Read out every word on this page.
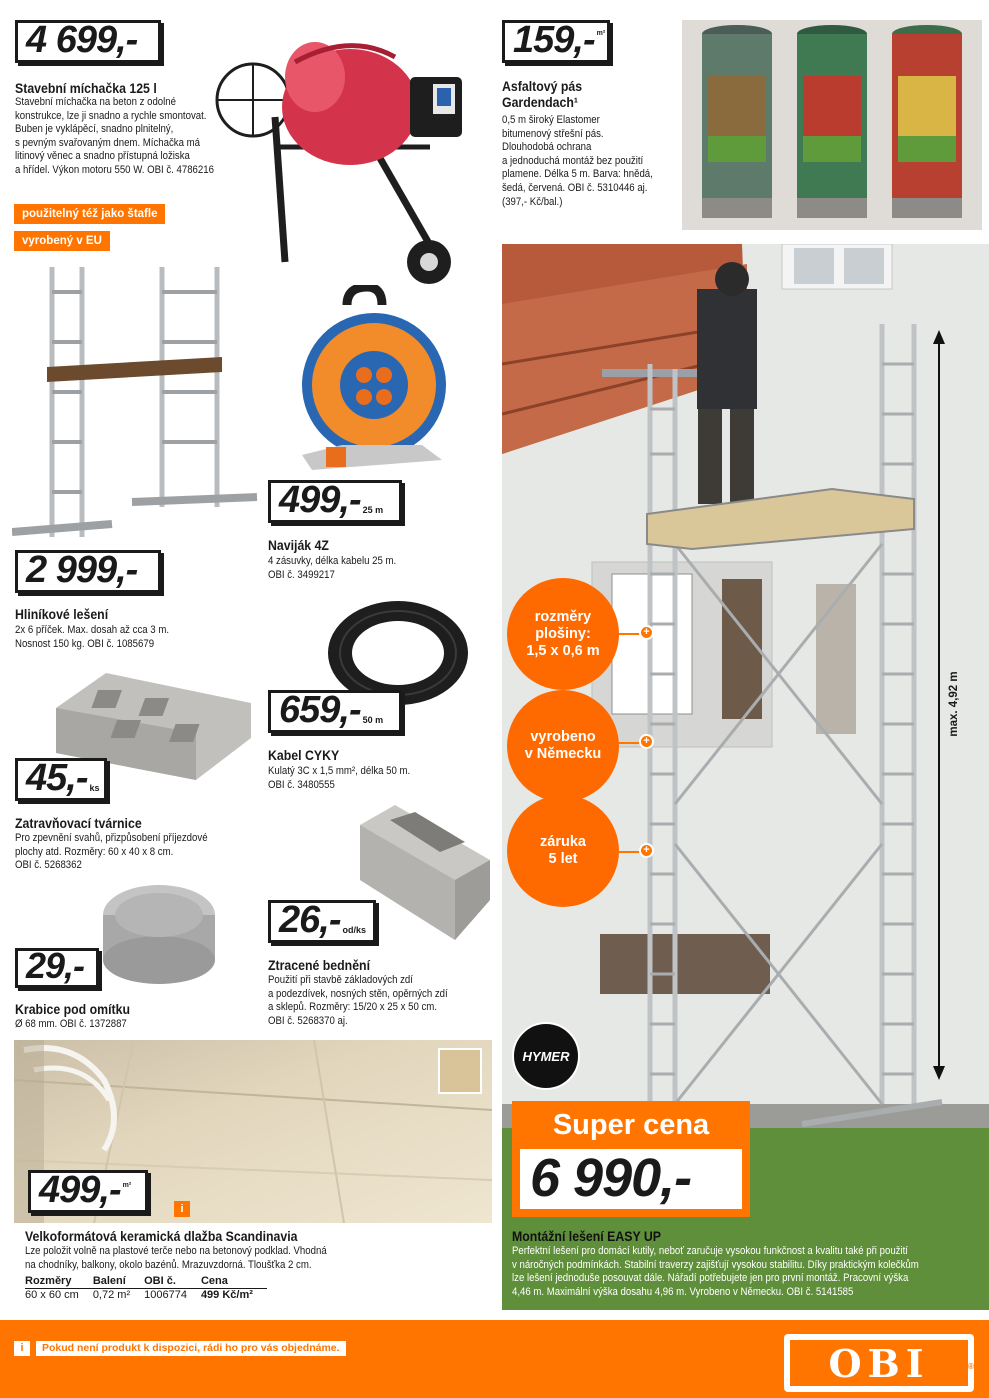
4 699,-
Stavební míchačka 125 l
Stavební míchačka na beton z odolné
konstrukce, lze ji snadno a rychle smontovat.
Buben je vyklápěcí, snadno plnitelný,
s pevným svařovaným dnem. Míchačka má
litinový věnec a snadno přístupná ložiska
a hřídel. Výkon motoru 550 W. OBI č. 4786216
použitelný též jako štafle
vyrobený v EU
159,- m²
Asfaltový pás
Gardendach¹
0,5 m široký Elastomer
bitumenový střešní pás.
Dlouhodobá ochrana
a jednoduchá montáž bez použití
plamene. Délka 5 m. Barva: hnědá,
šedá, červená. OBI č. 5310446 aj.
(397,- Kč/bal.)
2 999,-
Hliníkové lešení
2x 6 příček. Max. dosah až cca 3 m.
Nosnost 150 kg. OBI č. 1085679
499,- 25 m
Naviják 4Z
4 zásuvky, délka kabelu 25 m.
OBI č. 3499217
659,- 50 m
Kabel CYKY
Kulatý 3C x 1,5 mm², délka 50 m.
OBI č. 3480555
45,- ks
Zatravňovací tvárnice
Pro zpevnění svahů, přizpůsobení příjezdové
plochy atd. Rozměry: 60 x 40 x 8 cm.
OBI č. 5268362
26,- od/ks
Ztracené bednění
Použití při stavbě základových zdí
a podezdívek, nosných stěn, opěrných zdí
a sklepů. Rozměry: 15/20 x 25 x 50 cm.
OBI č. 5268370 aj.
29,-
Krabice pod omítku
Ø 68 mm. OBI č. 1372887
499,- m²
i
Velkoformátová keramická dlažba Scandinavia
Lze položit volně na plastové terče nebo na betonový podklad. Vhodná
na chodníky, balkony, okolo bazénů. Mrazuvzdorná. Tloušťka 2 cm.
Rozměry	Balení	OBI č.	Cena
60 x 60 cm	0,72 m²	1006774	499 Kč/m²
max. 4,92 m
rozměry
plošiny:
1,5 x 0,6 m
vyrobeno
v Německu
záruka
5 let
+
+
+
HYMER
Super cena
6 990,-
Montážní lešení EASY UP
Perfektní lešení pro domácí kutily, neboť zaručuje vysokou funkčnost a kvalitu také při použití
v náročných podmínkách. Stabilní traverzy zajišťují vysokou stabilitu. Díky praktickým kolečkům
lze lešení jednoduše posouvat dále. Nářadí potřebujete jen pro první montáž. Pracovní výška
4,46 m. Maximální výška dosahu 4,96 m. Vyrobeno v Německu. OBI č. 5141585
i	Pokud není produkt k dispozici, rádi ho pro vás objednáme.	OBI	®
